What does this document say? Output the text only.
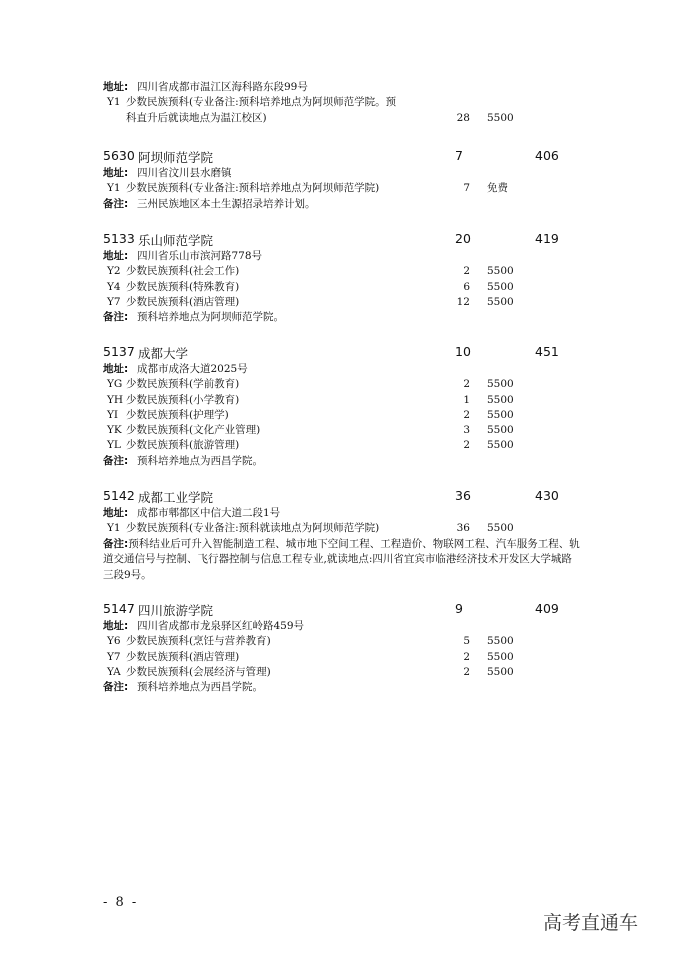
地址: 四川省成都市温江区海科路东段99号
Y1 少数民族预科(专业备注:预科培养地点为阿坝师范学院。预
科直升后就读地点为温江校区)	28 5500
5630 阿坝师范学院	7	406
地址: 四川省汶川县水磨镇
Y1 少数民族预科(专业备注:预科培养地点为阿坝师范学院)	7 免费
备注: 三州民族地区本土生源招录培养计划。
5133 乐山师范学院	20	419
地址: 四川省乐山市滨河路778号
Y2 少数民族预科(社会工作)	2 5500
Y4 少数民族预科(特殊教育)	6 5500
Y7 少数民族预科(酒店管理)	12 5500
备注: 预科培养地点为阿坝师范学院。
5137 成都大学	10	451
地址: 成都市成洛大道2025号
YG 少数民族预科(学前教育)	2 5500
YH 少数民族预科(小学教育)	1 5500
YI 少数民族预科(护理学)	2 5500
YK 少数民族预科(文化产业管理)	3 5500
YL 少数民族预科(旅游管理)	2 5500
备注: 预科培养地点为西昌学院。
5142 成都工业学院	36	430
地址: 成都市郫都区中信大道二段1号
Y1 少数民族预科(专业备注:预科就读地点为阿坝师范学院)	36 5500
备注:预科结业后可升入智能制造工程、城市地下空间工程、工程造价、物联网工程、汽车服务工程、轨道交通信号与控制、飞行器控制与信息工程专业,就读地点:四川省宜宾市临港经济技术开发区大学城路三段9号。
5147 四川旅游学院	9	409
地址: 四川省成都市龙泉驿区红岭路459号
Y6 少数民族预科(烹饪与营养教育)	5 5500
Y7 少数民族预科(酒店管理)	2 5500
YA 少数民族预科(会展经济与管理)	2 5500
备注: 预科培养地点为西昌学院。
- 8 -
高考直通车
